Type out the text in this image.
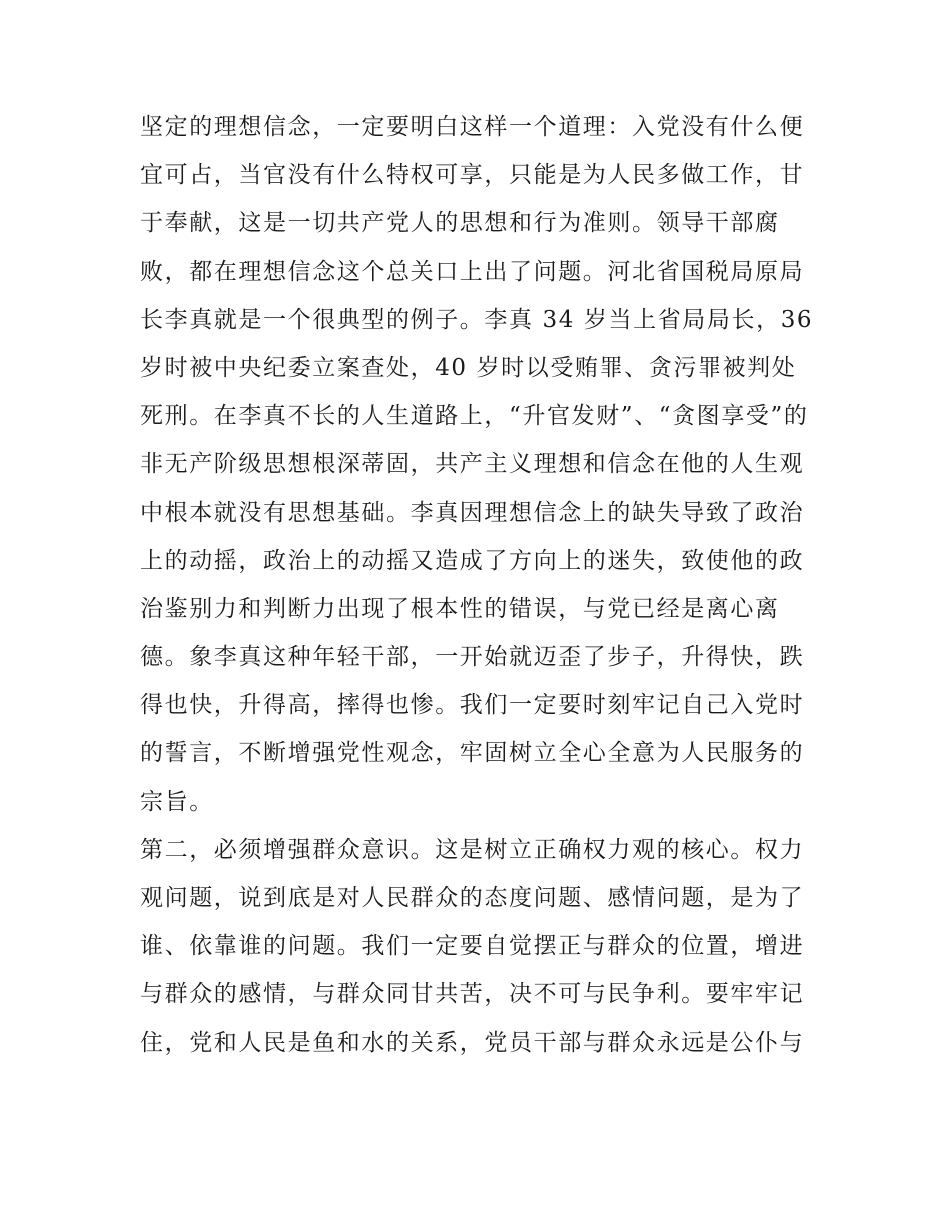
坚定的理想信念，一定要明白这样一个道理：入党没有什么便

宜可占，当官没有什么特权可享，只能是为人民多做工作，甘

于奉献，这是一切共产党人的思想和行为准则。领导干部腐

败，都在理想信念这个总关口上出了问题。河北省国税局原局

长李真就是一个很典型的例子。李真 34 岁当上省局局长，36

岁时被中央纪委立案查处，40 岁时以受贿罪、贪污罪被判处

死刑。在李真不长的人生道路上，“升官发财”、“贪图享受”的

非无产阶级思想根深蒂固，共产主义理想和信念在他的人生观

中根本就没有思想基础。李真因理想信念上的缺失导致了政治

上的动摇，政治上的动摇又造成了方向上的迷失，致使他的政

治鉴别力和判断力出现了根本性的错误，与党已经是离心离

德。象李真这种年轻干部，一开始就迈歪了步子，升得快，跌

得也快，升得高，摔得也惨。我们一定要时刻牢记自己入党时

的誓言，不断增强党性观念，牢固树立全心全意为人民服务的

宗旨。

第二，必须增强群众意识。这是树立正确权力观的核心。权力

观问题，说到底是对人民群众的态度问题、感情问题，是为了

谁、依靠谁的问题。我们一定要自觉摆正与群众的位置，增进

与群众的感情，与群众同甘共苦，决不可与民争利。要牢牢记

住，党和人民是鱼和水的关系，党员干部与群众永远是公仆与
